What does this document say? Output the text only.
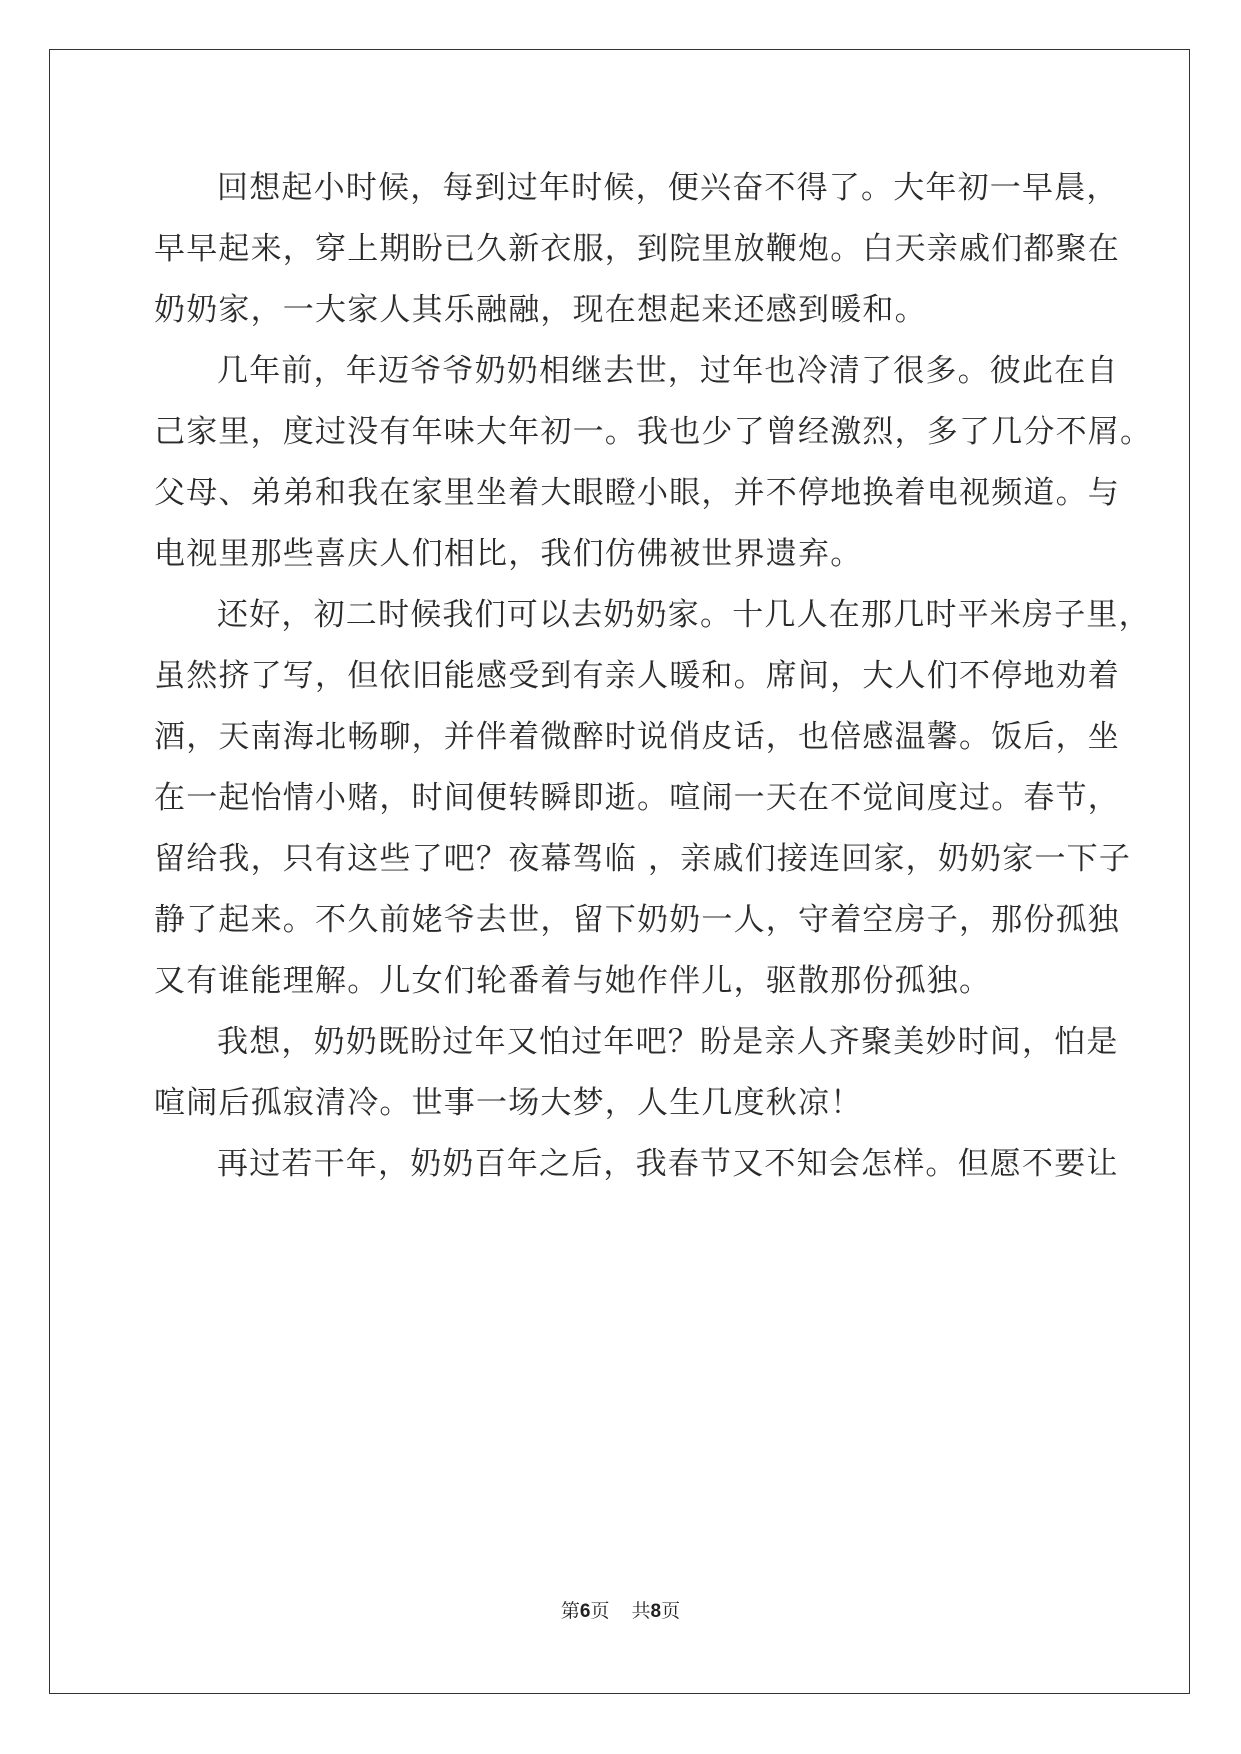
回想起小时候，每到过年时候，便兴奋不得了。大年初一早晨，
早早起来，穿上期盼已久新衣服，到院里放鞭炮。白天亲戚们都聚在
奶奶家，一大家人其乐融融，现在想起来还感到暖和。
几年前，年迈爷爷奶奶相继去世，过年也冷清了很多。彼此在自
己家里，度过没有年味大年初一。我也少了曾经激烈，多了几分不屑。
父母、弟弟和我在家里坐着大眼瞪小眼，并不停地换着电视频道。与
电视里那些喜庆人们相比，我们仿佛被世界遗弃。
还好，初二时候我们可以去奶奶家。十几人在那几时平米房子里，
虽然挤了写，但依旧能感受到有亲人暖和。席间，大人们不停地劝着
酒，天南海北畅聊，并伴着微醉时说俏皮话，也倍感温馨。饭后，坐
在一起怡情小赌，时间便转瞬即逝。喧闹一天在不觉间度过。春节，
留给我，只有这些了吧？夜幕驾临 ，亲戚们接连回家，奶奶家一下子
静了起来。不久前姥爷去世，留下奶奶一人，守着空房子，那份孤独
又有谁能理解。儿女们轮番着与她作伴儿，驱散那份孤独。
我想，奶奶既盼过年又怕过年吧？盼是亲人齐聚美妙时间，怕是
喧闹后孤寂清冷。世事一场大梦，人生几度秋凉！
再过若干年，奶奶百年之后，我春节又不知会怎样。但愿不要让
第6页 共8页
